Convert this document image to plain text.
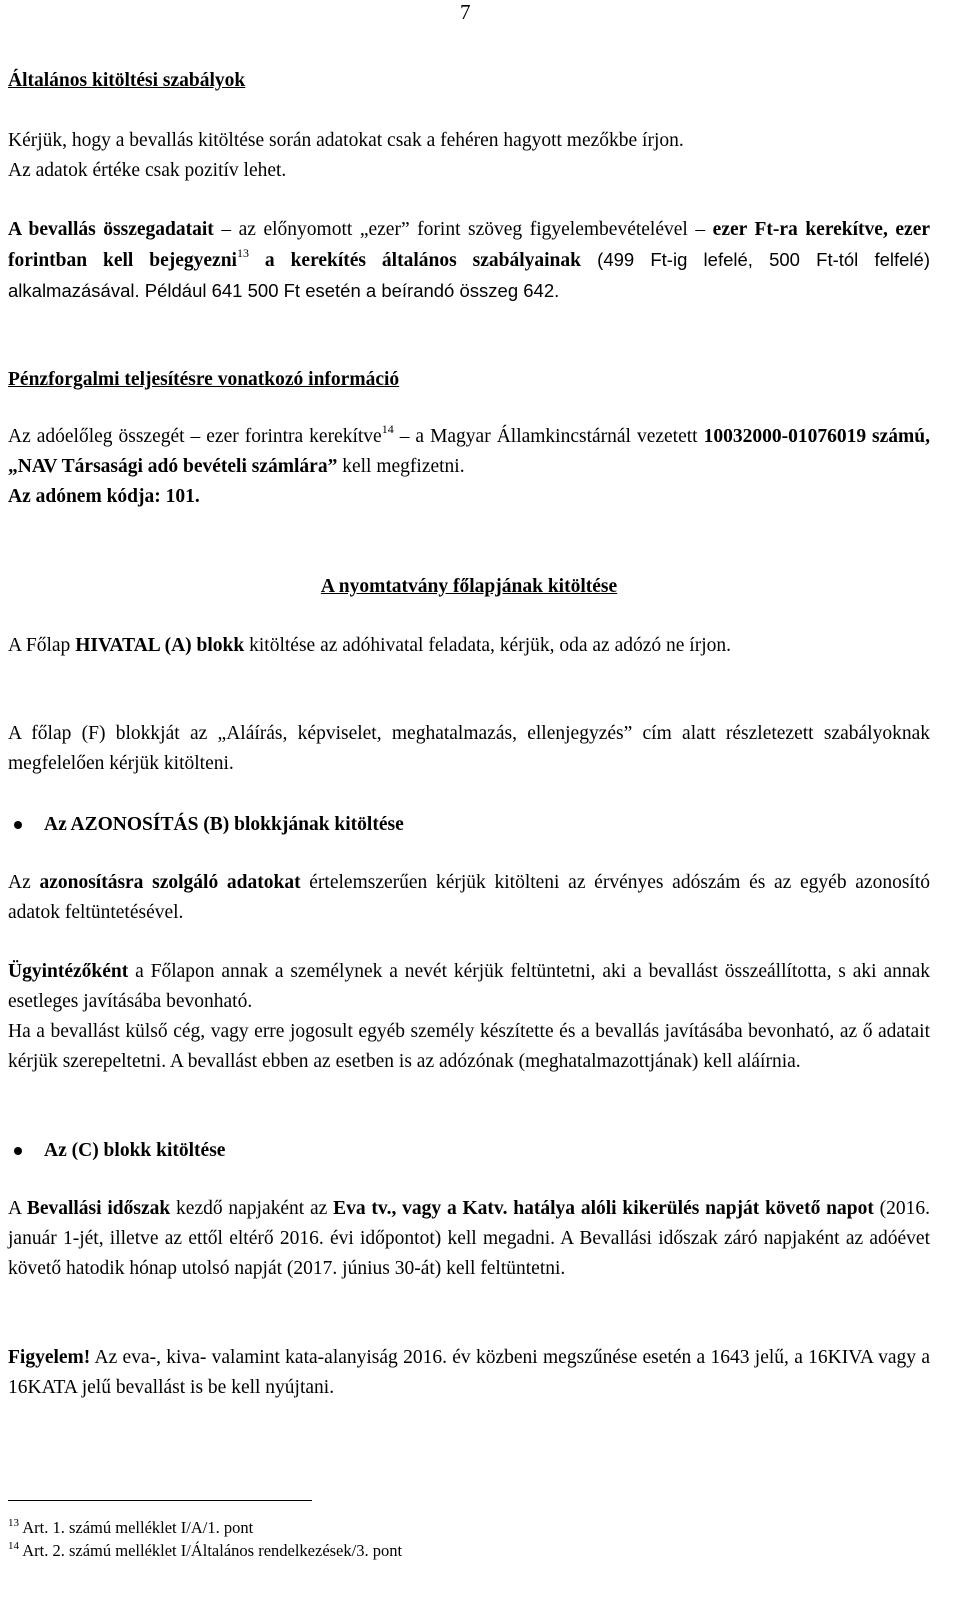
7
Általános kitöltési szabályok
Kérjük, hogy a bevallás kitöltése során adatokat csak a fehéren hagyott mezőkbe írjon.
Az adatok értéke csak pozitív lehet.
A bevallás összegadatait – az előnyomott „ezer” forint szöveg figyelembevételével – ezer Ft-ra kerekítve, ezer forintban kell bejegyezni$^{13}$ a kerekítés általános szabályainak (499 Ft-ig lefelé, 500 Ft-tól felfelé) alkalmazásával. Például 641 500 Ft esetén a beírandó összeg 642.
Pénzforgalmi teljesítésre vonatkozó információ
Az adóelőleg összegét – ezer forintra kerekítve$^{14}$ – a Magyar Államkincstárnál vezetett 10032000-01076019 számú, „NAV Társasági adó bevételi számlára” kell megfizetni.
Az adónem kódja: 101.
A nyomtatvány főlapjának kitöltése
A Főlap HIVATAL (A) blokk kitöltése az adóhivatal feladata, kérjük, oda az adózó ne írjon.
A főlap (F) blokkját az „Aláírás, képviselet, meghatalmazás, ellenjegyzés” cím alatt részletezett szabályoknak megfelelően kérjük kitölteni.
Az AZONOSÍTÁS (B) blokkjának kitöltése
Az azonosításra szolgáló adatokat értelemszerűen kérjük kitölteni az érvényes adószám és az egyéb azonosító adatok feltüntetésével.
Ügyintézőként a Főlapon annak a személynek a nevét kérjük feltüntetni, aki a bevallást összeállította, s aki annak esetleges javításába bevonható.
Ha a bevallást külső cég, vagy erre jogosult egyéb személy készítette és a bevallás javításába bevonható, az ő adatait kérjük szerepeltetni. A bevallást ebben az esetben is az adózónak (meghatalmazottjának) kell aláírnia.
Az (C) blokk kitöltése
A Bevallási időszak kezdő napjaként az Eva tv., vagy a Katv. hatálya alóli kikerülés napját követő napot (2016. január 1-jét, illetve az ettől eltérő 2016. évi időpontot) kell megadni. A Bevallási időszak záró napjaként az adóévet követő hatodik hónap utolsó napját (2017. június 30-át) kell feltüntetni.
Figyelem! Az eva-, kiva- valamint kata-alanyiság 2016. év közbeni megszűnése esetén a 1643 jelű, a 16KIVA vagy a 16KATA jelű bevallást is be kell nyújtani.
$^{13}$ Art. 1. számú melléklet I/A/1. pont
$^{14}$ Art. 2. számú melléklet I/Általános rendelkezések/3. pont
